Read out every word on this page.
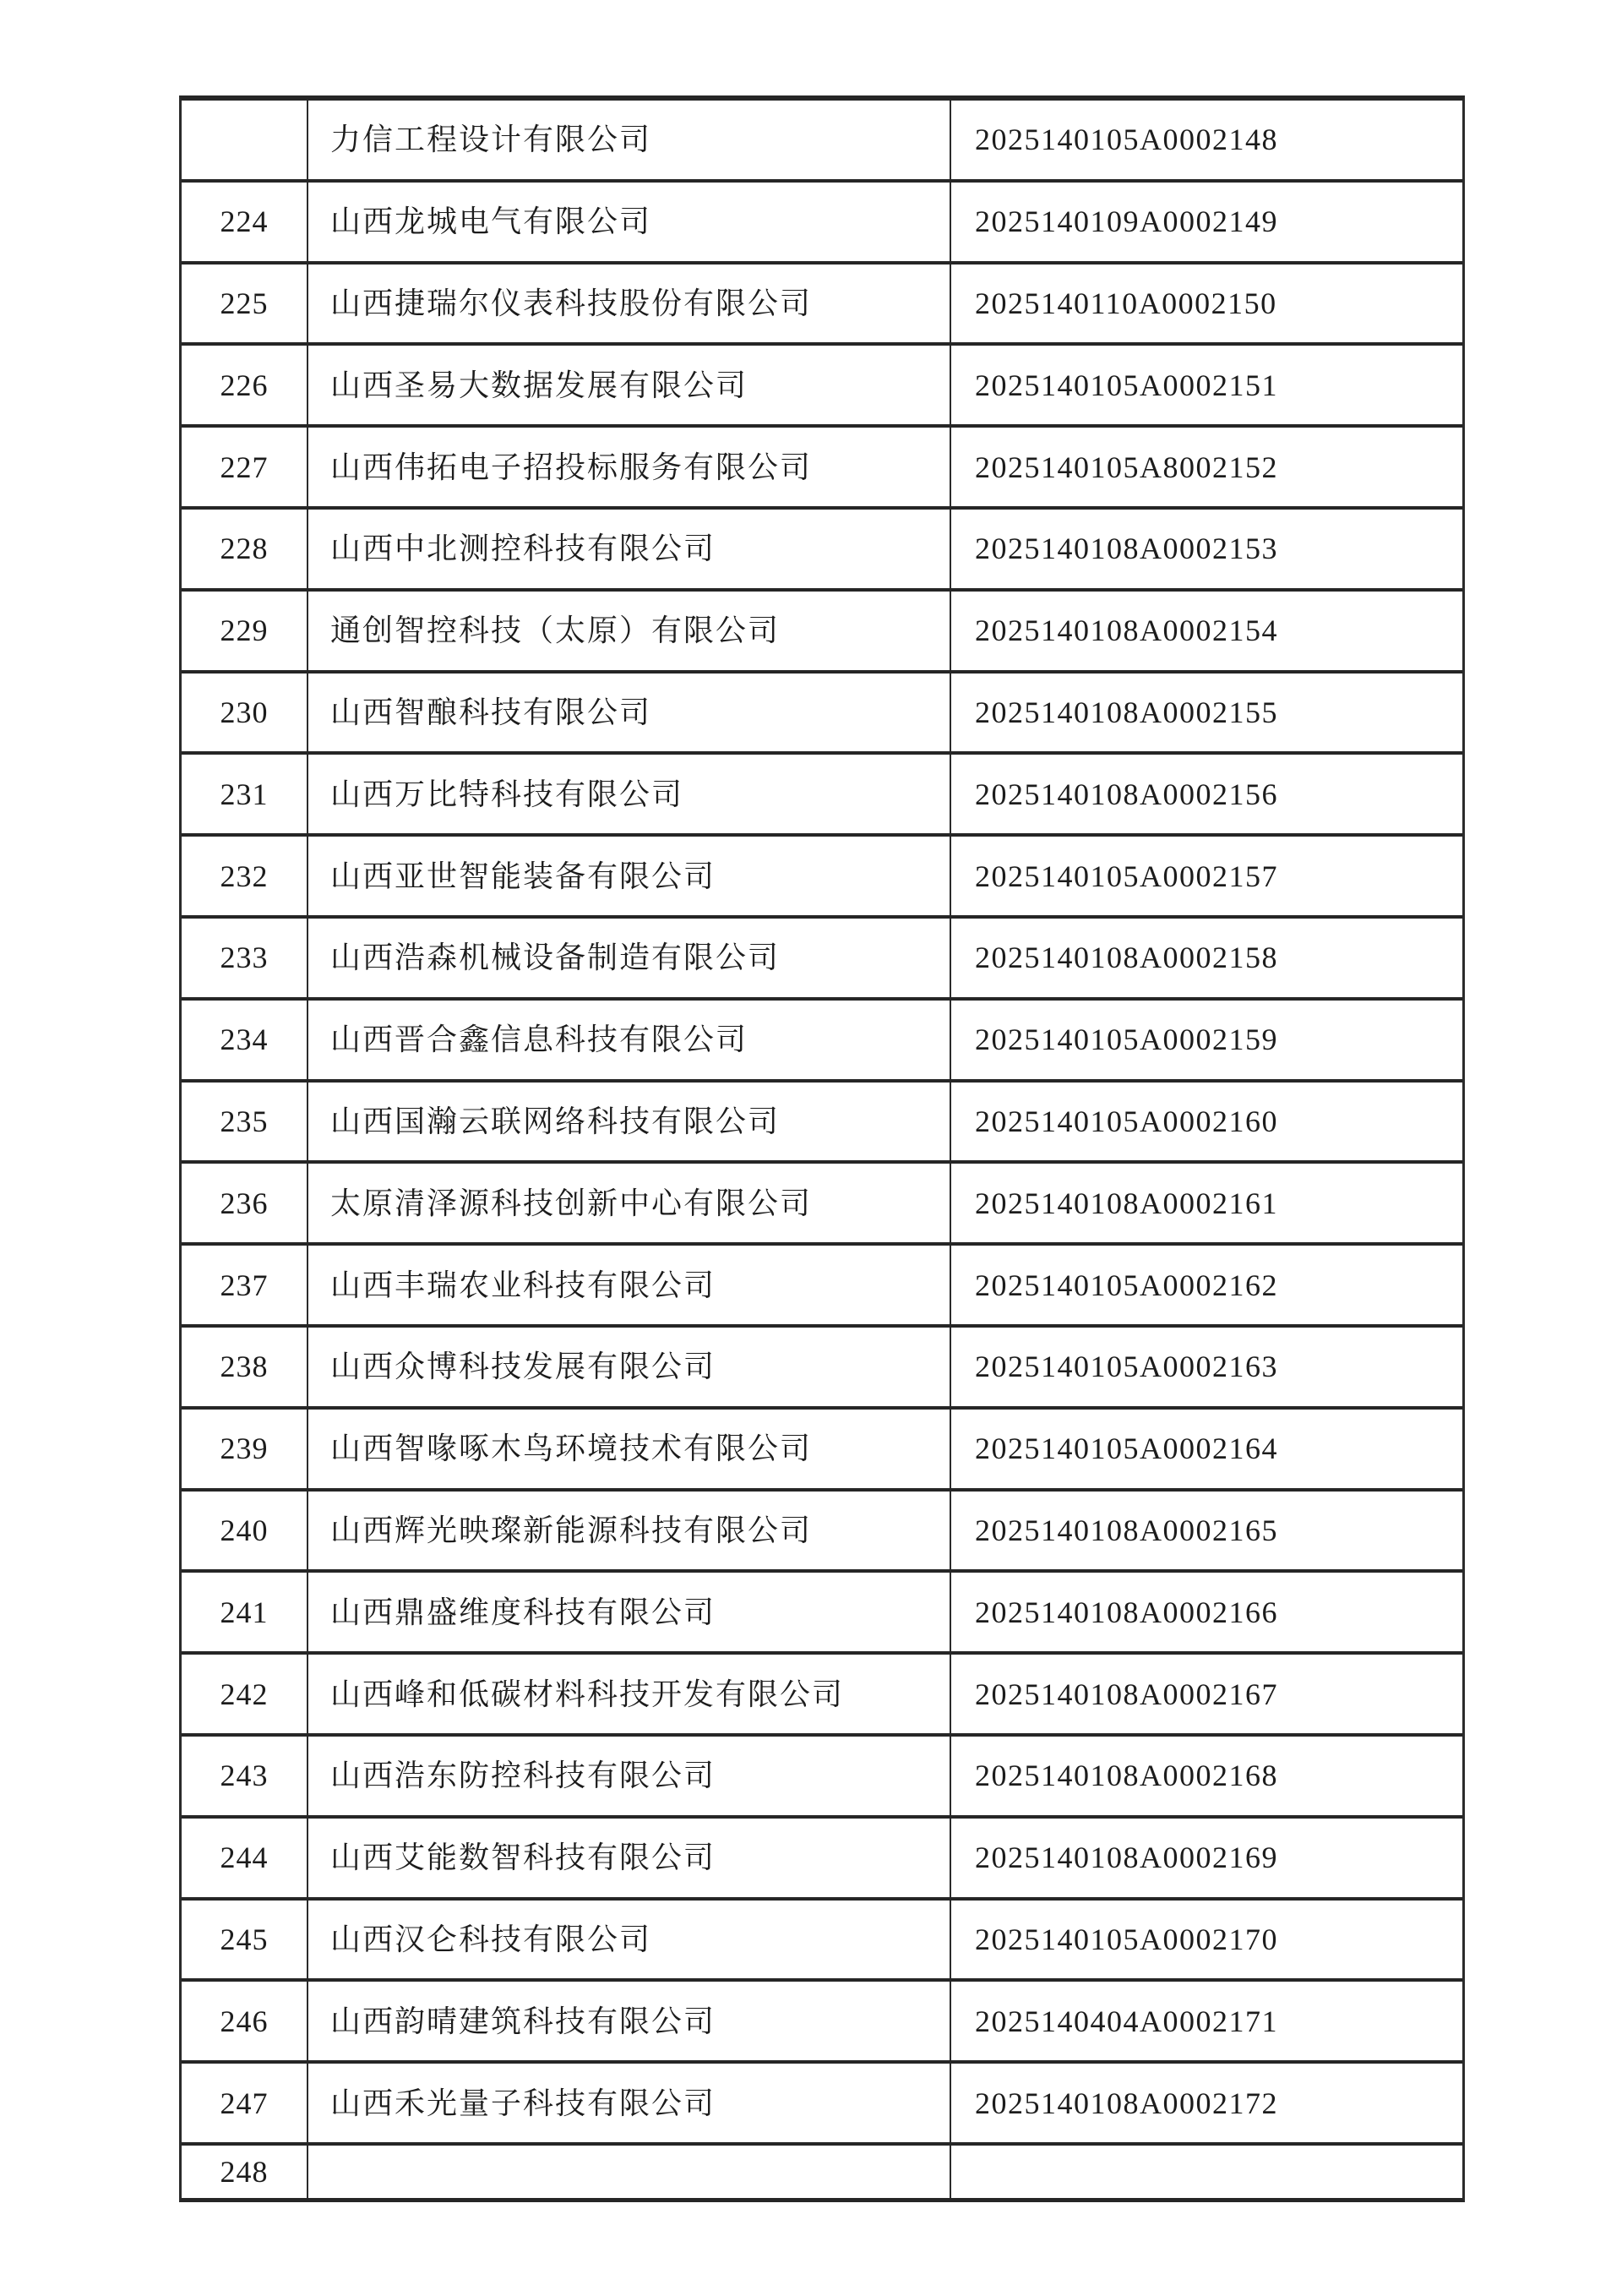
力信工程设计有限公司	2025140105A0002148
224 山西龙城电气有限公司	2025140109A0002149
225 山西捷瑞尔仪表科技股份有限公司	2025140110A0002150
226 山西圣易大数据发展有限公司	2025140105A0002151
227 山西伟拓电子招投标服务有限公司	2025140105A8002152
228 山西中北测控科技有限公司	2025140108A0002153
229 通创智控科技（太原）有限公司	2025140108A0002154
230 山西智酿科技有限公司	2025140108A0002155
231 山西万比特科技有限公司	2025140108A0002156
232 山西亚世智能装备有限公司	2025140105A0002157
233 山西浩森机械设备制造有限公司	2025140108A0002158
234 山西晋合鑫信息科技有限公司	2025140105A0002159
235 山西国瀚云联网络科技有限公司	2025140105A0002160
236 太原清泽源科技创新中心有限公司	2025140108A0002161
237 山西丰瑞农业科技有限公司	2025140105A0002162
238 山西众博科技发展有限公司	2025140105A0002163
239 山西智喙啄木鸟环境技术有限公司	2025140105A0002164
240 山西辉光映璨新能源科技有限公司	2025140108A0002165
241 山西鼎盛维度科技有限公司	2025140108A0002166
242 山西峰和低碳材料科技开发有限公司	2025140108A0002167
243 山西浩东防控科技有限公司	2025140108A0002168
244 山西艾能数智科技有限公司	2025140108A0002169
245 山西汉仑科技有限公司	2025140105A0002170
246 山西韵晴建筑科技有限公司	2025140404A0002171
247 山西禾光量子科技有限公司	2025140108A0002172
248
